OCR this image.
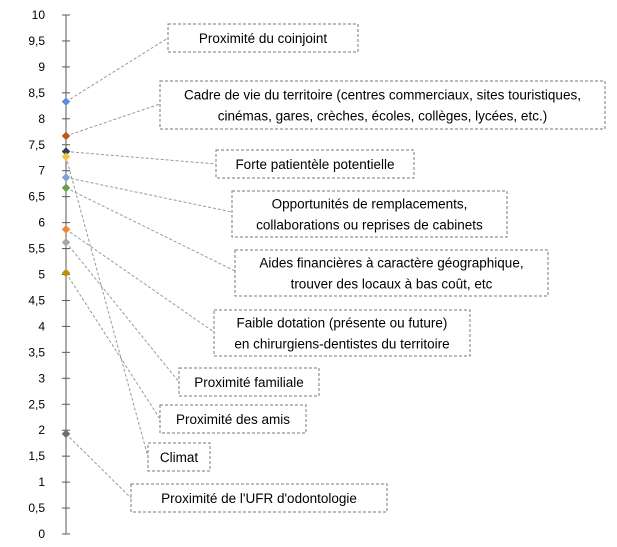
0
0,5
1
1,5
2
2,5
3
3,5
4
4,5
5
5,5
6
6,5
7
7,5
8
8,5
9
9,5
10
Proximité du coinjoint
Cadre de vie du territoire (centres commerciaux, sites touristiques,
cinémas, gares, crèches, écoles, collèges, lycées, etc.)
Forte patientèle potentielle
Opportunités de remplacements,
collaborations ou reprises de cabinets
Aides financières à caractère géographique,
trouver des locaux à bas coût, etc
Faible dotation (présente ou future)
en chirurgiens-dentistes du territoire
Proximité familiale
Proximité des amis
Climat
Proximité de l'UFR d'odontologie
